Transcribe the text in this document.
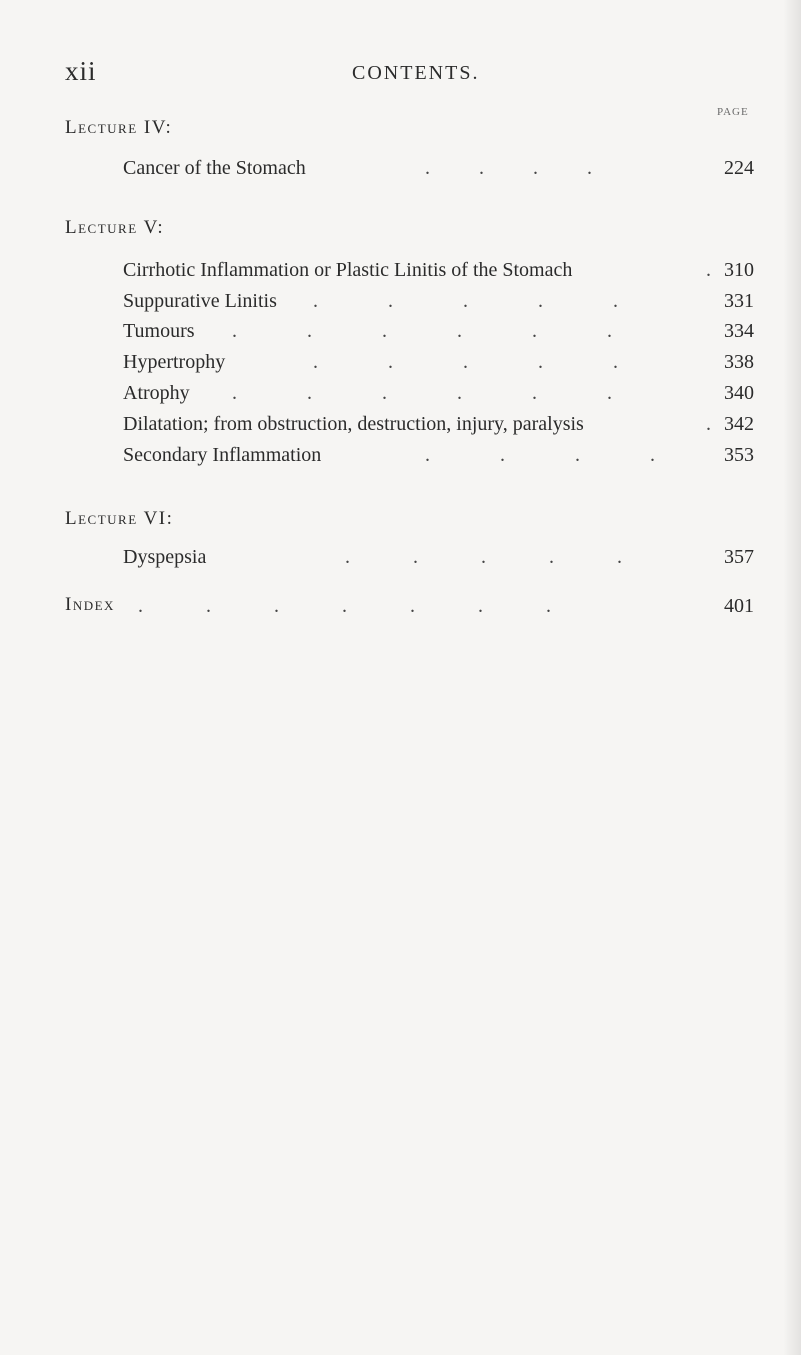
xii	CONTENTS.
PAGE
Lecture IV:
Cancer of the Stomach	. . . .	224
Lecture V:
Cirrhotic Inflammation or Plastic Linitis of the Stomach	. 310
Suppurative Linitis . . . . .	331
Tumours . . . . . .	334
Hypertrophy	. . . . .	338
Atrophy . . . . . .	340
Dilatation; from obstruction, destruction, injury, paralysis	. 342
Secondary Inflammation	. . . .	353
Lecture VI:
Dyspepsia	. . . . .	357
Index . . . . . . .	401
